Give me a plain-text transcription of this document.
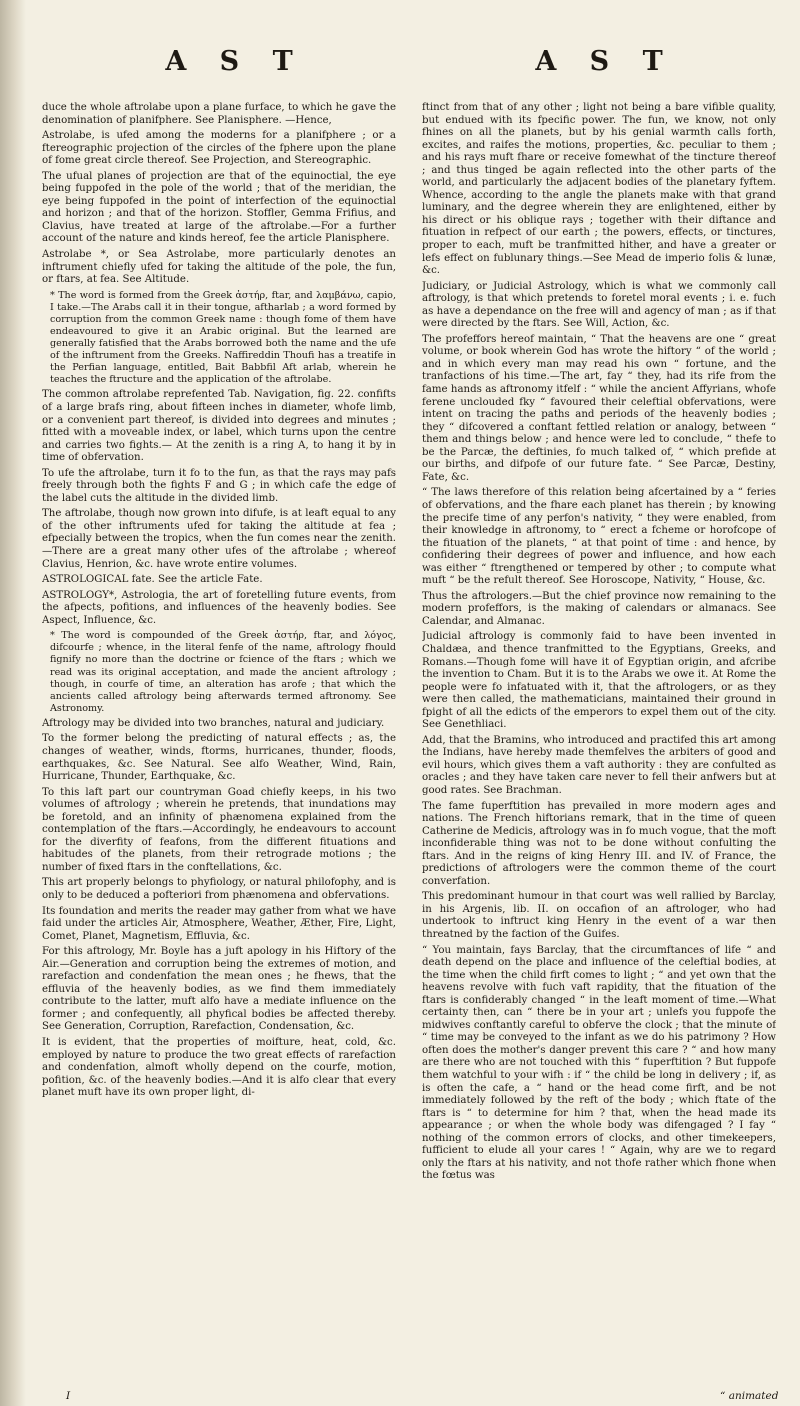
A S T	A S T

duce the whole aftrolabe upon a plane furface, to which he gave the denomination of planifphere. See Planisphere. —Hence,

Astrolabe, is ufed among the moderns for a planifphere ; or a ftereographic projection of the circles of the fphere upon the plane of fome great circle thereof. See Projection, and Stereographic.

The ufual planes of projection are that of the equinoctial, the eye being fuppofed in the pole of the world ; that of the meridian, the eye being fuppofed in the point of interfection of the equinoctial and horizon ; and that of the horizon. Stoffler, Gemma Frifius, and Clavius, have treated at large of the aftrolabe.—For a further account of the nature and kinds hereof, fee the article Planisphere.

Astrolabe *, or Sea Astrolabe, more particularly denotes an inftrument chiefly ufed for taking the altitude of the pole, the fun, or ftars, at fea. See Altitude.

* The word is formed from the Greek ἀστήρ, ftar, and λαμβάνω, capio, I take.—The Arabs call it in their tongue, aftharlab ; a word formed by corruption from the common Greek name : though fome of them have endeavoured to give it an Arabic original. But the learned are generally fatisfied that the Arabs borrowed both the name and the ufe of the inftrument from the Greeks. Naffireddin Thoufi has a treatife in the Perfian language, entitled, Bait Babbfil Aft arlab, wherein he teaches the ftructure and the application of the aftrolabe.

The common aftrolabe reprefented Tab. Navigation, fig. 22. confifts of a large brafs ring, about fifteen inches in diameter, whofe limb, or a convenient part thereof, is divided into degrees and minutes ; fitted with a moveable index, or label, which turns upon the centre and carries two fights.— At the zenith is a ring A, to hang it by in time of obfervation.

To ufe the aftrolabe, turn it fo to the fun, as that the rays may pafs freely through both the fights F and G ; in which cafe the edge of the label cuts the altitude in the divided limb.

The aftrolabe, though now grown into difufe, is at leaft equal to any of the other inftruments ufed for taking the altitude at fea ; efpecially between the tropics, when the fun comes near the zenith.—There are a great many other ufes of the aftrolabe ; whereof Clavius, Henrion, &c. have wrote entire volumes.

ASTROLOGICAL fate. See the article Fate.

ASTROLOGY*, Astrologia, the art of foretelling future events, from the afpects, pofitions, and influences of the heavenly bodies. See Aspect, Influence, &c.

* The word is compounded of the Greek ἀστήρ, ftar, and λόγος, difcourfe ; whence, in the literal fenfe of the name, aftrology fhould fignify no more than the doctrine or fcience of the ftars ; which we read was its original acceptation, and made the ancient aftrology ; though, in courfe of time, an alteration has arofe ; that which the ancients called aftrology being afterwards termed aftronomy. See Astronomy.

Aftrology may be divided into two branches, natural and judiciary.

To the former belong the predicting of natural effects ; as, the changes of weather, winds, ftorms, hurricanes, thunder, floods, earthquakes, &c. See Natural. See alfo Weather, Wind, Rain, Hurricane, Thunder, Earthquake, &c.

To this laft part our countryman Goad chiefly keeps, in his two volumes of aftrology ; wherein he pretends, that inundations may be foretold, and an infinity of phænomena explained from the contemplation of the ftars.—Accordingly, he endeavours to account for the diverfity of feafons, from the different fituations and habitudes of the planets, from their retrograde motions ; the number of fixed ftars in the conftellations, &c.

This art properly belongs to phyfiology, or natural philofophy, and is only to be deduced a pofteriori from phænomena and obfervations.

Its foundation and merits the reader may gather from what we have faid under the articles Air, Atmosphere, Weather, Æther, Fire, Light, Comet, Planet, Magnetism, Effluvia, &c.

For this aftrology, Mr. Boyle has a juft apology in his Hiftory of the Air.—Generation and corruption being the extremes of motion, and rarefaction and condenfation the mean ones ; he fhews, that the effluvia of the heavenly bodies, as we find them immediately contribute to the latter, muft alfo have a mediate influence on the former ; and confequently, all phyfical bodies be affected thereby. See Generation, Corruption, Rarefaction, Condensation, &c.

It is evident, that the properties of moifture, heat, cold, &c. employed by nature to produce the two great effects of rarefaction and condenfation, almoft wholly depend on the courfe, motion, pofition, &c. of the heavenly bodies.—And it is alfo clear that every planet muft have its own proper light, di-

ftinct from that of any other ; light not being a bare vifible quality, but endued with its fpecific power. The fun, we know, not only fhines on all the planets, but by his genial warmth calls forth, excites, and raifes the motions, properties, &c. peculiar to them ; and his rays muft fhare or receive fomewhat of the tincture thereof ; and thus tinged be again reflected into the other parts of the world, and particularly the adjacent bodies of the planetary fyftem. Whence, according to the angle the planets make with that grand luminary, and the degree wherein they are enlightened, either by his direct or his oblique rays ; together with their diftance and fituation in refpect of our earth ; the powers, effects, or tinctures, proper to each, muft be tranfmitted hither, and have a greater or lefs effect on fublunary things.—See Mead de imperio folis & lunæ, &c.

Judiciary, or Judicial Astrology, which is what we commonly call aftrology, is that which pretends to foretel moral events ; i. e. fuch as have a dependance on the free will and agency of man ; as if that were directed by the ftars. See Will, Action, &c.

The profeffors hereof maintain, “ That the heavens are one “ great volume, or book wherein God has wrote the hiftory “ of the world ; and in which every man may read his own “ fortune, and the tranfactions of his time.—The art, fay “ they, had its rife from the fame hands as aftronomy itfelf : “ while the ancient Affyrians, whofe ferene unclouded fky “ favoured their celeftial obfervations, were intent on tracing the paths and periods of the heavenly bodies ; they “ difcovered a conftant fettled relation or analogy, between “ them and things below ; and hence were led to conclude, “ thefe to be the Parcæ, the deftinies, fo much talked of, “ which prefide at our births, and difpofe of our future fate. “ See Parcæ, Destiny, Fate, &c.

“ The laws therefore of this relation being afcertained by a “ feries of obfervations, and the fhare each planet has therein ; by knowing the precife time of any perfon's nativity, “ they were enabled, from their knowledge in aftronomy, to “ erect a fcheme or horofcope of the fituation of the planets, “ at that point of time : and hence, by confidering their degrees of power and influence, and how each was either “ ftrengthened or tempered by other ; to compute what muft “ be the refult thereof. See Horoscope, Nativity, “ House, &c.

Thus the aftrologers.—But the chief province now remaining to the modern profeffors, is the making of calendars or almanacs. See Calendar, and Almanac.

Judicial aftrology is commonly faid to have been invented in Chaldæa, and thence tranfmitted to the Egyptians, Greeks, and Romans.—Though fome will have it of Egyptian origin, and afcribe the invention to Cham. But it is to the Arabs we owe it. At Rome the people were fo infatuated with it, that the aftrologers, or as they were then called, the mathematicians, maintained their ground in fpight of all the edicts of the emperors to expel them out of the city. See Genethliaci.

Add, that the Bramins, who introduced and practifed this art among the Indians, have hereby made themfelves the arbiters of good and evil hours, which gives them a vaft authority : they are confulted as oracles ; and they have taken care never to fell their anfwers but at good rates. See Brachman.

The fame fuperftition has prevailed in more modern ages and nations. The French hiftorians remark, that in the time of queen Catherine de Medicis, aftrology was in fo much vogue, that the moft inconfiderable thing was not to be done without confulting the ftars. And in the reigns of king Henry III. and IV. of France, the predictions of aftrologers were the common theme of the court converfation.

This predominant humour in that court was well rallied by Barclay, in his Argenis, lib. II. on occafion of an aftrologer, who had undertook to inftruct king Henry in the event of a war then threatned by the faction of the Guifes.

“ You maintain, fays Barclay, that the circumftances of life “ and death depend on the place and influence of the celeftial bodies, at the time when the child firft comes to light ; “ and yet own that the heavens revolve with fuch vaft rapidity, that the fituation of the ftars is confiderably changed “ in the leaft moment of time.—What certainty then, can “ there be in your art ; unlefs you fuppofe the midwives conftantly careful to obferve the clock ; that the minute of “ time may be conveyed to the infant as we do his patrimony ? How often does the mother's danger prevent this care ? “ and how many are there who are not touched with this “ fuperftition ? But fuppofe them watchful to your wifh : if “ the child be long in delivery ; if, as is often the cafe, a “ hand or the head come firft, and be not immediately followed by the reft of the body ; which ftate of the ftars is “ to determine for him ? that, when the head made its appearance ; or when the whole body was difengaged ? I fay “ nothing of the common errors of clocks, and other timekeepers, fufficient to elude all your cares ! “ Again, why are we to regard only the ftars at his nativity, and not thofe rather which fhone when the fœtus was

I	“ animated
